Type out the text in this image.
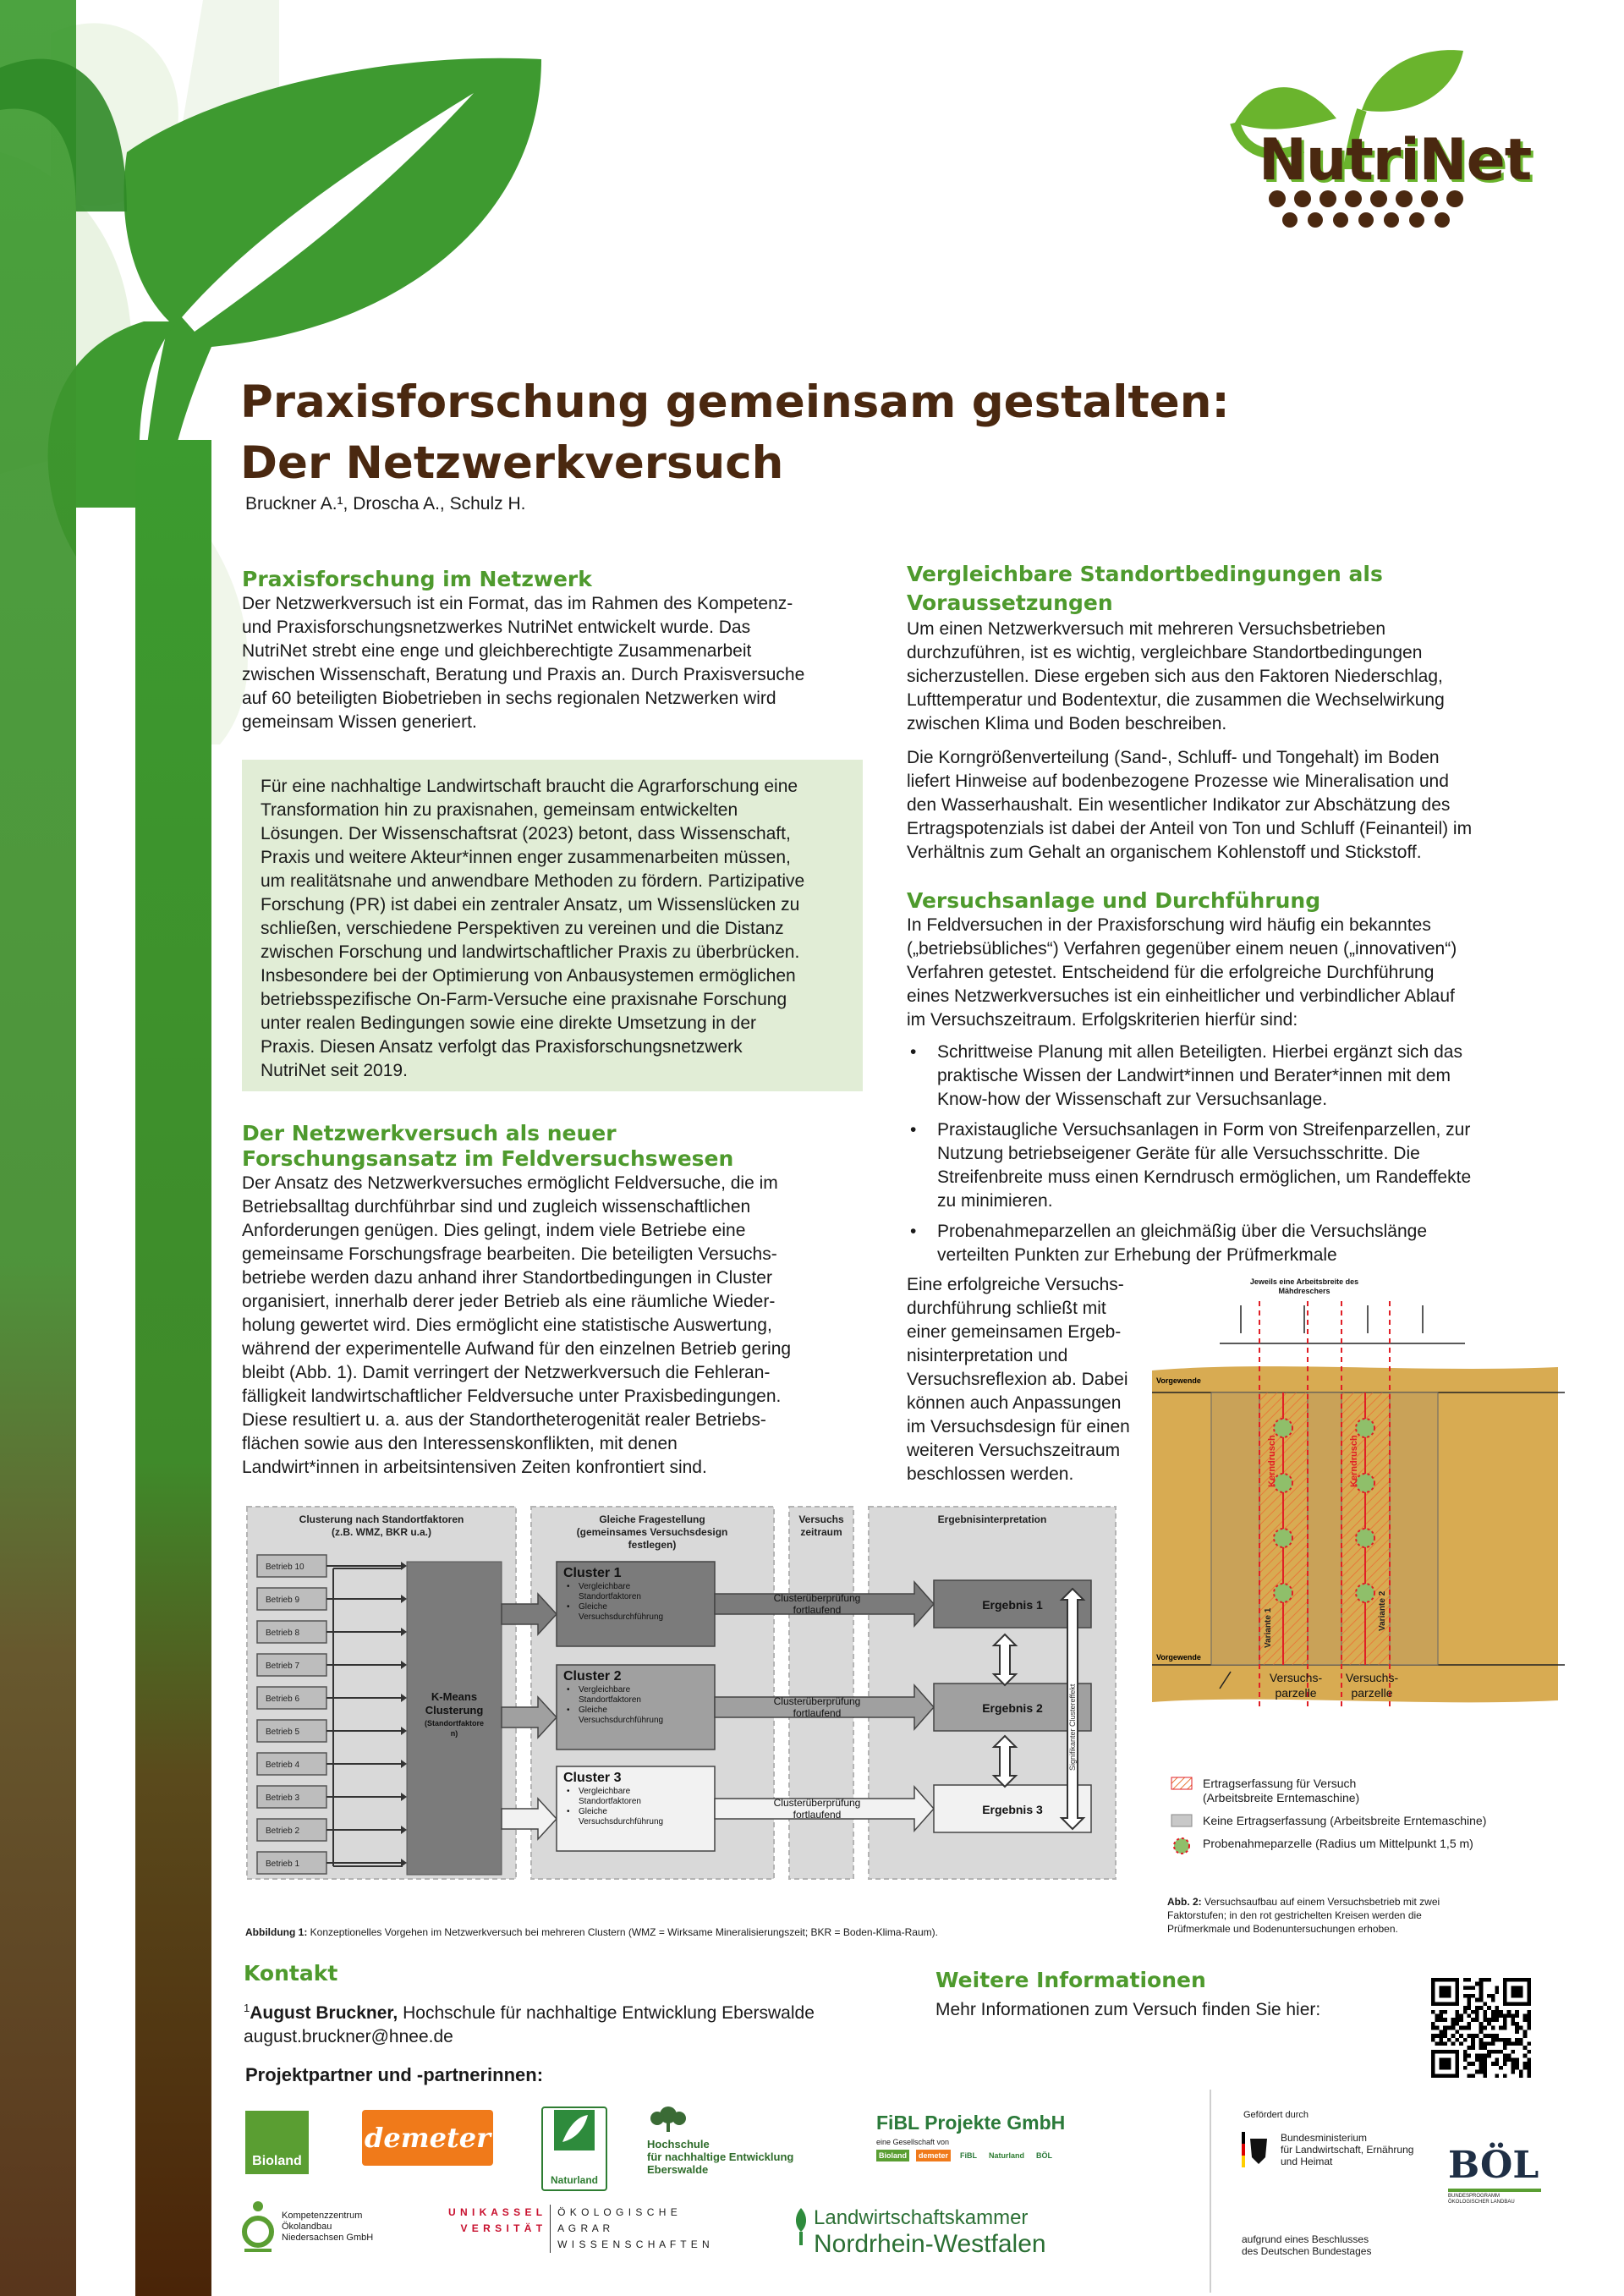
NutriNet
Praxisforschung gemeinsam gestalten:
Der Netzwerkversuch
Bruckner A.¹, Droscha A., Schulz H.
Praxisforschung im Netzwerk

Der Netzwerkversuch ist ein Format, das im Rahmen des Kompetenz-
und Praxisforschungsnetzwerkes NutriNet entwickelt wurde. Das
NutriNet strebt eine enge und gleichberechtigte Zusammenarbeit
zwischen Wissenschaft, Beratung und Praxis an. Durch Praxisversuche
auf 60 beteiligten Biobetrieben in sechs regionalen Netzwerken wird
gemeinsam Wissen generiert.

Für eine nachhaltige Landwirtschaft braucht die Agrarforschung eine
Transformation hin zu praxisnahen, gemeinsam entwickelten
Lösungen. Der Wissenschaftsrat (2023) betont, dass Wissenschaft,
Praxis und weitere Akteur*innen enger zusammenarbeiten müssen,
um realitätsnahe und anwendbare Methoden zu fördern. Partizipative
Forschung (PR) ist dabei ein zentraler Ansatz, um Wissenslücken zu
schließen, verschiedene Perspektiven zu vereinen und die Distanz
zwischen Forschung und landwirtschaftlicher Praxis zu überbrücken.
Insbesondere bei der Optimierung von Anbausystemen ermöglichen
betriebsspezifische On-Farm-Versuche eine praxisnahe Forschung
unter realen Bedingungen sowie eine direkte Umsetzung in der
Praxis. Diesen Ansatz verfolgt das Praxisforschungsnetzwerk
NutriNet seit 2019.

Der Netzwerkversuch als neuer
Forschungsansatz im Feldversuchswesen

Der Ansatz des Netzwerkversuches ermöglicht Feldversuche, die im
Betriebsalltag durchführbar sind und zugleich wissenschaftlichen
Anforderungen genügen. Dies gelingt, indem viele Betriebe eine
gemeinsame Forschungsfrage bearbeiten. Die beteiligten Versuchs-
betriebe werden dazu anhand ihrer Standortbedingungen in Cluster
organisiert, innerhalb derer jeder Betrieb als eine räumliche Wieder-
holung gewertet wird. Dies ermöglicht eine statistische Auswertung,
während der experimentelle Aufwand für den einzelnen Betrieb gering
bleibt (Abb. 1). Damit verringert der Netzwerkversuch die Fehleran-
fälligkeit landwirtschaftlicher Feldversuche unter Praxisbedingungen.
Diese resultiert u. a. aus der Standortheterogenität realer Betriebs-
flächen sowie aus den Interessenskonflikten, mit denen
Landwirt*innen in arbeitsintensiven Zeiten konfrontiert sind.

Vergleichbare Standortbedingungen als
Voraussetzungen

Um einen Netzwerkversuch mit mehreren Versuchsbetrieben
durchzuführen, ist es wichtig, vergleichbare Standortbedingungen
sicherzustellen. Diese ergeben sich aus den Faktoren Niederschlag,
Lufttemperatur und Bodentextur, die zusammen die Wechselwirkung
zwischen Klima und Boden beschreiben.

Die Korngrößenverteilung (Sand-, Schluff- und Tongehalt) im Boden
liefert Hinweise auf bodenbezogene Prozesse wie Mineralisation und
den Wasserhaushalt. Ein wesentlicher Indikator zur Abschätzung des
Ertragspotenzials ist dabei der Anteil von Ton und Schluff (Feinanteil) im
Verhältnis zum Gehalt an organischem Kohlenstoff und Stickstoff.

Versuchsanlage und Durchführung

In Feldversuchen in der Praxisforschung wird häufig ein bekanntes
(„betriebsübliches“) Verfahren gegenüber einem neuen („innovativen“)
Verfahren getestet. Entscheidend für die erfolgreiche Durchführung
eines Netzwerkversuches ist ein einheitlicher und verbindlicher Ablauf
im Versuchszeitraum. Erfolgskriterien hierfür sind:

• Schrittweise Planung mit allen Beteiligten. Hierbei ergänzt sich das
praktische Wissen der Landwirt*innen und Berater*innen mit dem
Know-how der Wissenschaft zur Versuchsanlage.
• Praxistaugliche Versuchsanlagen in Form von Streifenparzellen, zur
Nutzung betriebseigener Geräte für alle Versuchsschritte. Die
Streifenbreite muss einen Kerndrusch ermöglichen, um Randeffekte
zu minimieren.
• Probenahmeparzellen an gleichmäßig über die Versuchslänge
verteilten Punkten zur Erhebung der Prüfmerkmale

Eine erfolgreiche Versuchs-
durchführung schließt mit
einer gemeinsamen Ergeb-
nisinterpretation und
Versuchsreflexion ab. Dabei
können auch Anpassungen
im Versuchsdesign für einen
weiteren Versuchszeitraum
beschlossen werden.

Clusterung nach Standortfaktoren
(z.B. WMZ, BKR u.a.)
Gleiche Fragestellung
(gemeinsames Versuchsdesign
festlegen)
Versuchs
zeitraum
Ergebnisinterpretation
Betrieb 10
Betrieb 9
Betrieb 8
Betrieb 7
Betrieb 6
Betrieb 5
Betrieb 4
Betrieb 3
Betrieb 2
Betrieb 1
K-Means
Clusterung
(Standortfaktore
n)
Cluster 1
• Vergleichbare
Standortfaktoren
• Gleiche
Versuchsdurchführung
Clusterüberprüfung
fortlaufend
Cluster 2
• Vergleichbare
Standortfaktoren
• Gleiche
Versuchsdurchführung
Clusterüberprüfung
fortlaufend
Cluster 3
• Vergleichbare
Standortfaktoren
• Gleiche
Versuchsdurchführung
Clusterüberprüfung
fortlaufend
Ergebnis 1
Ergebnis 2
Ergebnis 3
Signifikanter Clustereffekt
Abbildung 1: Konzeptionelles Vorgehen im Netzwerkversuch bei mehreren Clustern (WMZ = Wirksame Mineralisierungszeit; BKR = Boden-Klima-Raum).
Jeweils eine Arbeitsbreite des
Mähdreschers
Vorgewende
Vorgewende
Kerndrusch	Kerndrusch
Variante 1	Variante 2
Versuchs-
parzelle
Versuchs-
parzelle
Ertragserfassung für Versuch
(Arbeitsbreite Erntemaschine)
Keine Ertragserfassung (Arbeitsbreite Erntemaschine)
Probenahmeparzelle (Radius um Mittelpunkt 1,5 m)
Abb. 2: Versuchsaufbau auf einem Versuchsbetrieb mit zwei
Faktorstufen; in den rot gestrichelten Kreisen werden die
Prüfmerkmale und Bodenuntersuchungen erhoben.
Kontakt

$^1$August Bruckner, Hochschule für nachhaltige Entwicklung Eberswalde
august.bruckner@hnee.de

Weitere Informationen

Mehr Informationen zum Versuch finden Sie hier:

Projektpartner und -partnerinnen:
Bioland
demeter
Naturland
Hochschule
für nachhaltige Entwicklung
Eberswalde
FiBL Projekte GmbH
eine Gesellschaft von
Bioland	demeter	FiBL	Naturland	BÖL
Gefördert durch
Bundesministerium
für Landwirtschaft, Ernährung
und Heimat
aufgrund eines Beschlusses
des Deutschen Bundestages
BÖL
BUNDESPROGRAMM
ÖKOLOGISCHER LANDBAU
Kompetenzzentrum
Ökolandbau
Niedersachsen GmbH
U N I K A S S E L
V E R S I T Ä T
Ö K O L O G I S C H E
A G R A R
W I S S E N S C H A F T E N
Landwirtschaftskammer
Nordrhein-Westfalen
